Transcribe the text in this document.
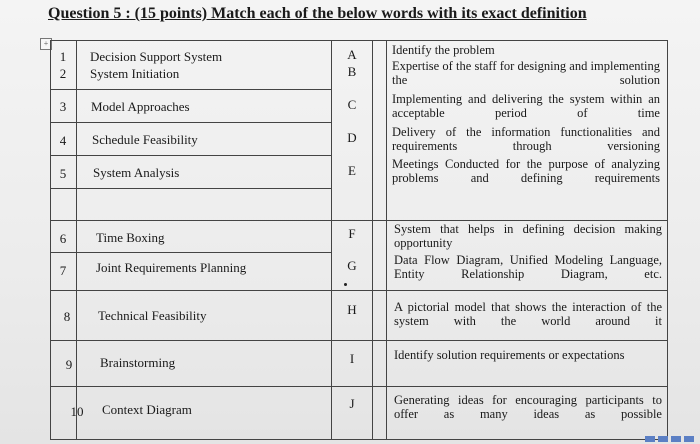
Question 5 : (15 points) Match each of the below words with its exact definition
+
1
2
3
4
5
6
7
8
9
10
Decision Support System
System Initiation
Model Approaches
Schedule Feasibility
System Analysis
Time Boxing
Joint Requirements Planning
Technical Feasibility
Brainstorming
Context Diagram
A
B
C
D
E
F
G
H
I
J
Identify the problem
Expertise of the staff for designing and implementing the solution
Implementing and delivering the system within an acceptable period of time
Delivery of the information functionalities and requirements through versioning
Meetings Conducted for the purpose of analyzing problems and defining requirements
System that helps in defining decision making opportunity
Data Flow Diagram, Unified Modeling Language, Entity Relationship Diagram, etc.
A pictorial model that shows the interaction of the system with the world around it
Identify solution requirements or expectations
Generating ideas for encouraging participants to offer as many ideas as possible
